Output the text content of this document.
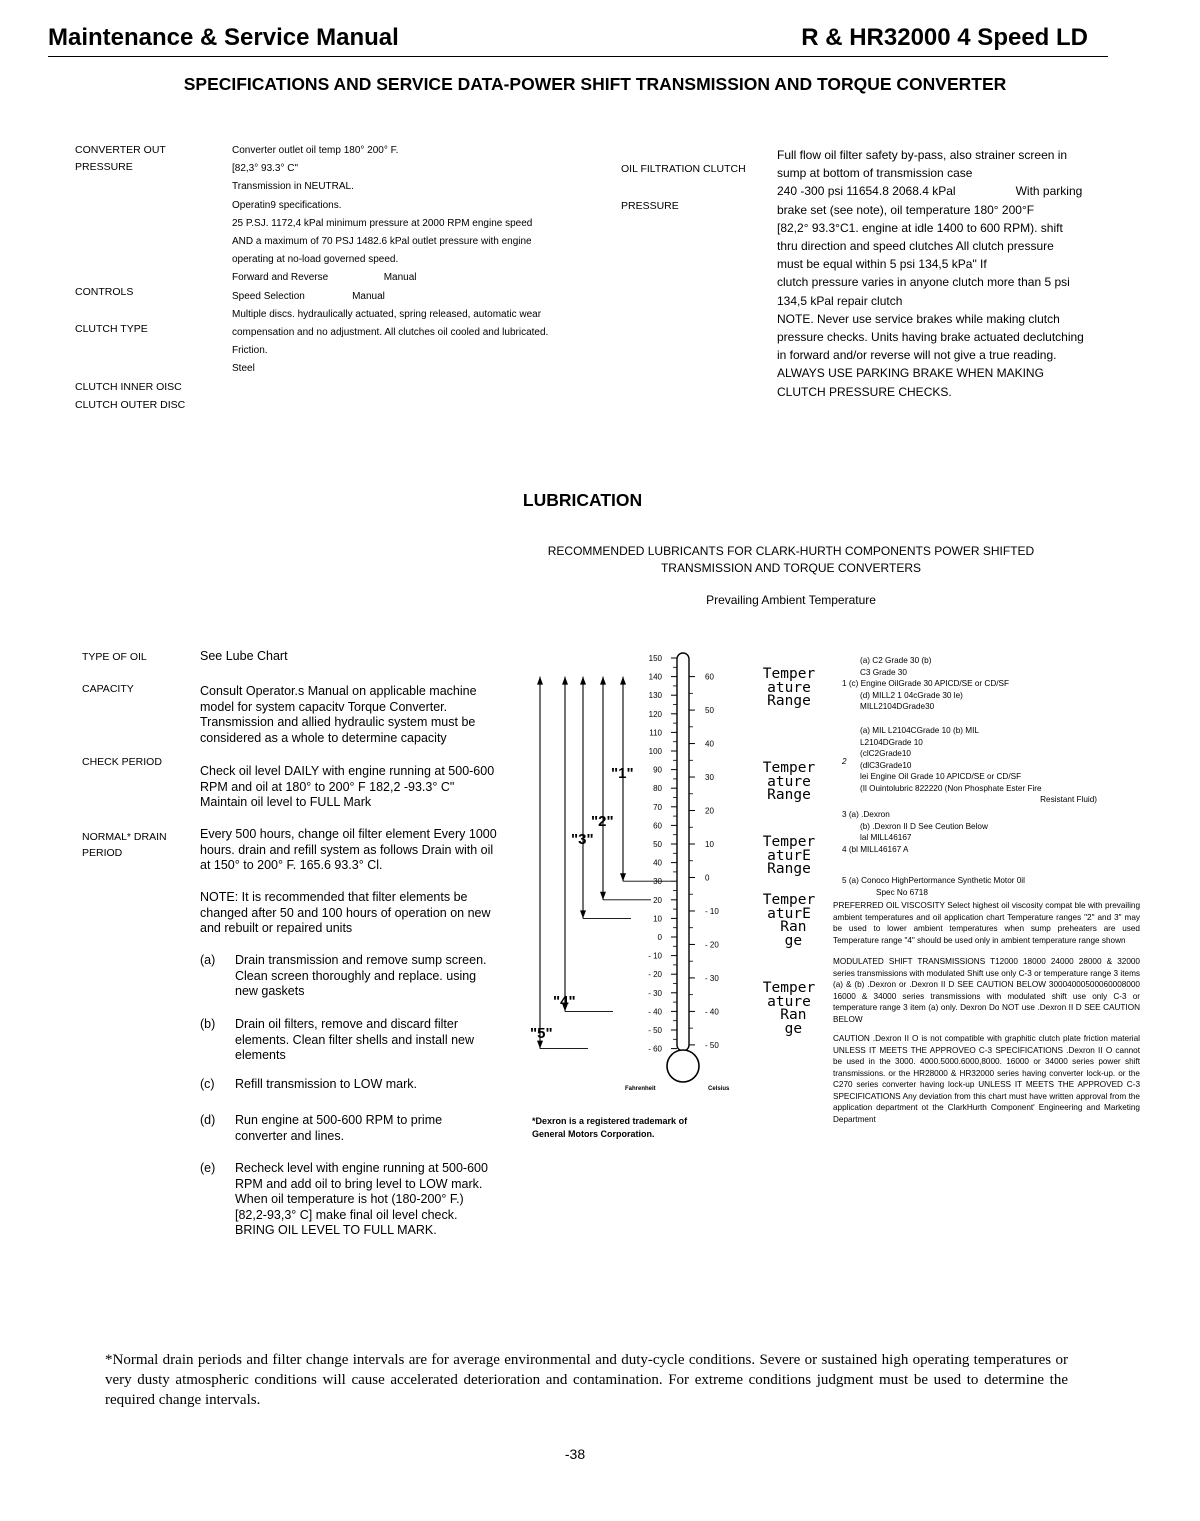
Maintenance & Service Manual	R & HR32000 4 Speed LD
SPECIFICATIONS AND SERVICE DATA-POWER SHIFT TRANSMISSION AND TORQUE CONVERTER
CONVERTER OUT
PRESSURE
CONTROLS
CLUTCH TYPE
CLUTCH INNER OISC
CLUTCH OUTER DISC
Converter outlet oil temp 180° 200° F.
[82,3° 93.3° C"
Transmission in NEUTRAL.
Operatin9 specifications.
25 P.SJ. 1172,4 kPal minimum pressure at 2000 RPM engine speed
AND a maximum of 70 PSJ 1482.6 kPal outlet pressure with engine
operating at no-load governed speed.
Forward and Reverse                    Manual
Speed Selection                 Manual
Multiple discs. hydraulically actuated, spring released, automatic wear
compensation and no adjustment. All clutches oil cooled and lubricated.
Friction.
Steel
OIL FILTRATION CLUTCH
PRESSURE
Full flow oil filter safety by-pass, also strainer screen in
sump at bottom of transmission case
240 -300 psi 11654.8 2068.4 kPal                  With parking
brake set (see note), oil temperature 180° 200°F
[82,2° 93.3°C1. engine at idle 1400 to 600 RPM). shift
thru direction and speed clutches All clutch pressure
must be equal within 5 psi 134,5 kPa" If
clutch pressure varies in anyone clutch more than 5 psi
134,5 kPal repair clutch
NOTE. Never use service brakes while making clutch
pressure checks. Units having brake actuated declutching
in forward and/or reverse will not give a true reading.
ALWAYS USE PARKING BRAKE WHEN MAKING
CLUTCH PRESSURE CHECKS.
LUBRICATION
RECOMMENDED LUBRICANTS FOR CLARK-HURTH COMPONENTS POWER SHIFTED TRANSMISSION AND TORQUE CONVERTERS
Prevailing Ambient Temperature
TYPE OF OIL
CAPACITY
CHECK PERIOD
NORMAL* DRAIN
PERIOD
See Lube Chart
Consult Operator.s Manual on applicable machine model for system capacitv Torque Converter. Transmission and allied hydraulic system must be considered as a whole to determine capacity
Check oil level DAILY with engine running at 500-600 RPM and oil at 180° to 200° F 182,2 -93.3° C" Maintain oil level to FULL Mark
Every 500 hours, change oil filter element Every 1000 hours. drain and refill system as follows Drain with oil at 150° to 200° F. 165.6 93.3° Cl.
NOTE: It is recommended that filter elements be changed after 50 and 100 hours of operation on new and rebuilt or repaired units
(a) Drain transmission and remove sump screen. Clean screen thoroughly and replace. using new gaskets
(b) Drain oil filters, remove and discard filter elements. Clean filter shells and install new elements
(c) Refill transmission to LOW mark.
(d) Run engine at 500-600 RPM to prime converter and lines.
(e) Recheck level with engine running at 500-600 RPM and add oil to bring level to LOW mark. When oil temperature is hot (180-200° F.) [82,2-93,3° C] make final oil level check. BRING OIL LEVEL TO FULL MARK.
150
140
130
120
110
100
90
80
70
60
50
40
30
20
10
0
- 10
- 20
- 30
- 40
- 50
- 60
60
50
40
30
20
10
0
- 10
- 20
- 30
- 40
- 50
Fahrenheit	Celsius
"5"
"4"
"3"
"2"
"1"
*Dexron is a registered trademark of
General Motors Corporation.
Temper
ature
Range
Temper
ature
Range
Temper
aturE
Range
Temper
aturE
Ran
ge
Temper
ature
Ran
ge
(a) C2 Grade 30 (b)
C3 Grade 30
1 (c) Engine OilGrade 30 APICD/SE or CD/SF
(d) MILL2 1 04cGrade 30 le)
MILL2104DGrade30
(a) MIL L2104CGrade 10 (b) MIL
L2104DGrade 10
(clC2Grade10
(dlC3Grade10
lei Engine Oil Grade 10 APICD/SE or CD/SF
(Il Ouintolubric 822220 (Non Phosphate Ester Fire
Resistant Fluid)
2
3 (a) .Dexron
(b) .Dexron II D See Ceution Below
lal MILL46167
4 (bl MILL46167 A
5 (a) Conoco HighPertormance Synthetic Motor 0il
Spec No 6718
PREFERRED OIL VISCOSITY Select highest oil viscosity compat ble with prevailing ambient temperatures and oil application chart Temperature ranges "2" and 3" may be used to lower ambient temperatures when sump preheaters are used Temperature range "4" should be used only in ambient temperature range shown
MODULATED SHIFT TRANSMISSIONS T12000 18000 24000 28000 & 32000 series transmissions with modulated Shift use only C-3 or temperature range 3 items (a) & (b) .Dexron or .Dexron II D SEE CAUTION BELOW 30004000500060008000 16000 & 34000 series transmissions with modulated shift use only C-3 or temperature range 3 item (a) only. Dexron Do NOT use .Dexron II D SEE CAUTION BELOW
CAUTION .Dexron II O is not compatible with graphitic clutch plate friction material UNLESS IT MEETS THE APPROVEO C-3 SPECIFICATIONS .Dexron II O cannot be used in the 3000. 4000.5000.6000,8000. 16000 or 34000 series power shift transmissions. or the HR28000 & HR32000 series having converter lock-up. or the C270 series converter having lock-up UNLESS IT MEETS THE APPROVED C-3 SPECIFICATIONS Any deviation from this chart must have written approval from the application department ot the ClarkHurth Component' Engineering and Marketing Department
*Normal drain periods and filter change intervals are for average environmental and duty-cycle conditions. Severe or sustained high operating temperatures or very dusty atmospheric conditions will cause accelerated deterioration and contamination. For extreme conditions judgment must be used to determine the required change intervals.
-38
